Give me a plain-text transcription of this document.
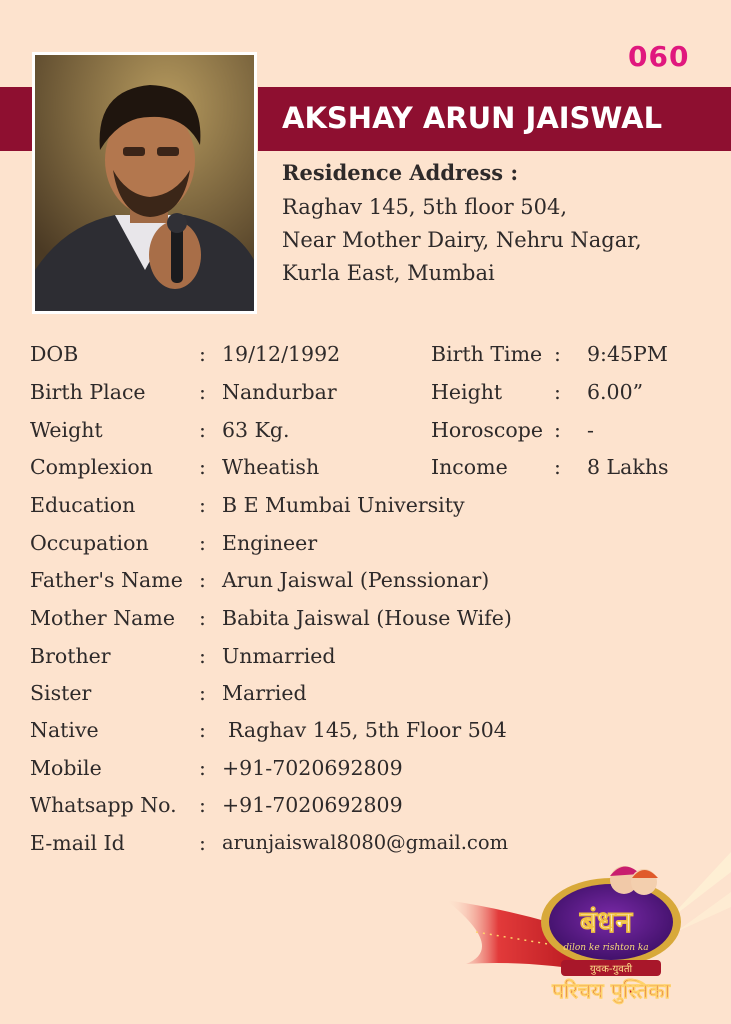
060
AKSHAY ARUN JAISWAL
Residence Address :
Raghav 145, 5th floor 504,
Near Mother Dairy, Nehru Nagar,
Kurla East, Mumbai
DOB	: 19/12/1992	Birth Time : 9:45PM
Birth Place	: Nandurbar	Height	: 6.00”
Weight	: 63 Kg.	Horoscope : -
Complexion : Wheatish	Income : 8 Lakhs
Education	: B E Mumbai University
Occupation : Engineer
Father's Name : Arun Jaiswal (Penssionar)
Mother Name : Babita Jaiswal (House Wife)
Brother	: Unmarried
Sister	: Married
Native	: Raghav 145, 5th Floor 504
Mobile	: +91-7020692809
Whatsapp No. : +91-7020692809
E-mail Id	: arunjaiswal8080@gmail.com
बंधन
dilon ke rishton ka
युवक-युवती
परिचय पुस्तिका
